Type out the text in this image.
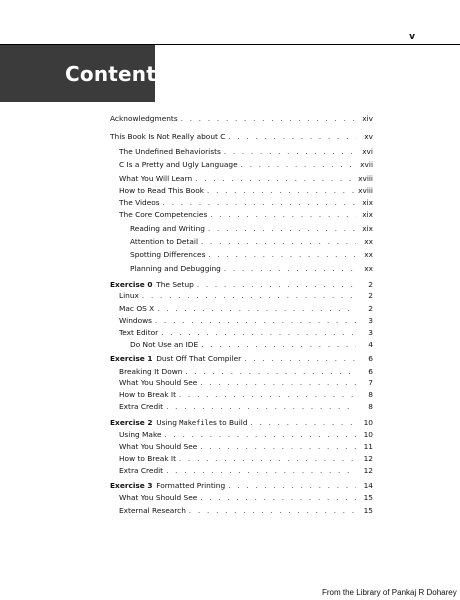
v
Contents
Acknowledgments . . .	xiv
This Book Is Not Really about C . . .	xv
The Undefined Behaviorists . . .	xvi
C Is a Pretty and Ugly Language . . .	xvii
What You Will Learn . . .	xviii
How to Read This Book . . .	xviii
The Videos . . .	xix
The Core Competencies . . .	xix
Reading and Writing . . .	xix
Attention to Detail . . .	xx
Spotting Differences . . .	xx
Planning and Debugging . . .	xx
Exercise 0  The Setup . . .	2
Linux . . .	2
Mac OS X . . .	2
Windows . . .	3
Text Editor . . .	3
Do Not Use an IDE . . .	4
Exercise 1  Dust Off That Compiler . . .	6
Breaking It Down . . .	6
What You Should See . . .	7
How to Break It . . .	8
Extra Credit . . .	8
Exercise 2  Using Makefiles to Build . . .	10
Using Make . . .	10
What You Should See . . .	11
How to Break It . . .	12
Extra Credit . . .	12
Exercise 3  Formatted Printing . . .	14
What You Should See . . .	15
External Research . . .	15
From the Library of Pankaj R Doharey
